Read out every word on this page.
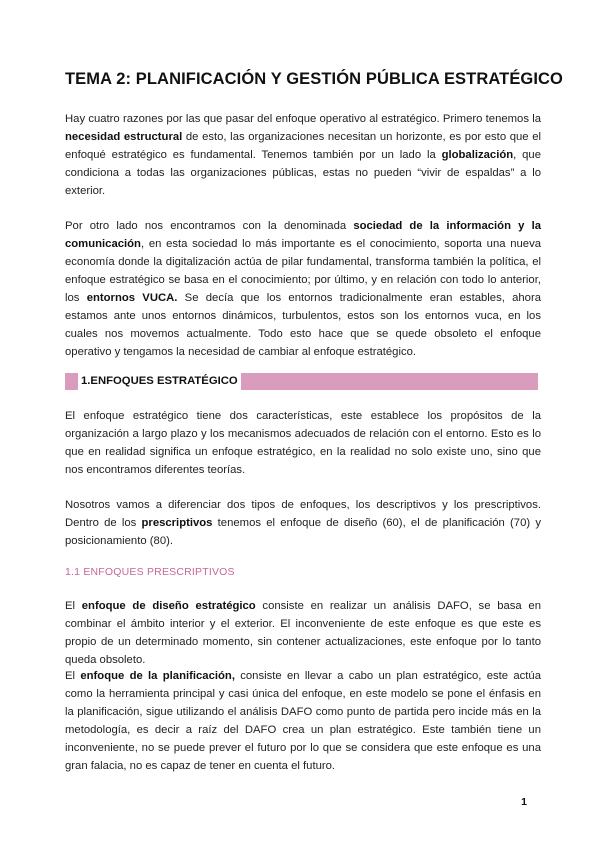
TEMA 2: PLANIFICACIÓN Y GESTIÓN PÚBLICA ESTRATÉGICO

Hay cuatro razones por las que pasar del enfoque operativo al estratégico. Primero tenemos la necesidad estructural de esto, las organizaciones necesitan un horizonte, es por esto que el enfoqué estratégico es fundamental. Tenemos también por un lado la globalización, que condiciona a todas las organizaciones públicas, estas no pueden “vivir de espaldas” a lo exterior.

Por otro lado nos encontramos con la denominada sociedad de la información y la comunicación, en esta sociedad lo más importante es el conocimiento, soporta una nueva economía donde la digitalización actúa de pilar fundamental, transforma también la política, el enfoque estratégico se basa en el conocimiento; por último, y en relación con todo lo anterior, los entornos VUCA. Se decía que los entornos tradicionalmente eran estables, ahora estamos ante unos entornos dinámicos, turbulentos, estos son los entornos vuca, en los cuales nos movemos actualmente. Todo esto hace que se quede obsoleto el enfoque operativo y tengamos la necesidad de cambiar al enfoque estratégico.

1.ENFOQUES ESTRATÉGICO

El enfoque estratégico tiene dos características, este establece los propósitos de la organización a largo plazo y los mecanismos adecuados de relación con el entorno. Esto es lo que en realidad significa un enfoque estratégico, en la realidad no solo existe uno, sino que nos encontramos diferentes teorías.

Nosotros vamos a diferenciar dos tipos de enfoques, los descriptivos y los prescriptivos. Dentro de los prescriptivos tenemos el enfoque de diseño (60), el de planificación (70) y posicionamiento (80).

1.1 ENFOQUES PRESCRIPTIVOS

El enfoque de diseño estratégico consiste en realizar un análisis DAFO, se basa en combinar el ámbito interior y el exterior. El inconveniente de este enfoque es que este es propio de un determinado momento, sin contener actualizaciones, este enfoque por lo tanto queda obsoleto.

El enfoque de la planificación, consiste en llevar a cabo un plan estratégico, este actúa como la herramienta principal y casi única del enfoque, en este modelo se pone el énfasis en la planificación, sigue utilizando el análisis DAFO como punto de partida pero incide más en la metodología, es decir a raíz del DAFO crea un plan estratégico. Este también tiene un inconveniente, no se puede prever el futuro por lo que se considera que este enfoque es una gran falacia, no es capaz de tener en cuenta el futuro.

1
